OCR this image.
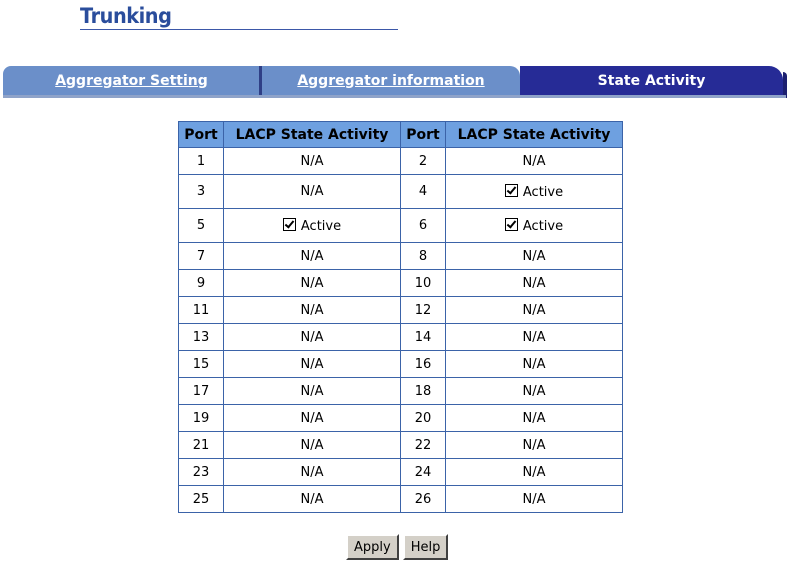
Trunking
Aggregator Setting	Aggregator information	State Activity
Port	LACP State Activity	Port	LACP State Activity
1	N/A	2	N/A
3	N/A	4	Active
5	Active	6	Active
7	N/A	8	N/A
9	N/A	10	N/A
11	N/A	12	N/A
13	N/A	14	N/A
15	N/A	16	N/A
17	N/A	18	N/A
19	N/A	20	N/A
21	N/A	22	N/A
23	N/A	24	N/A
25	N/A	26	N/A
Apply	Help
